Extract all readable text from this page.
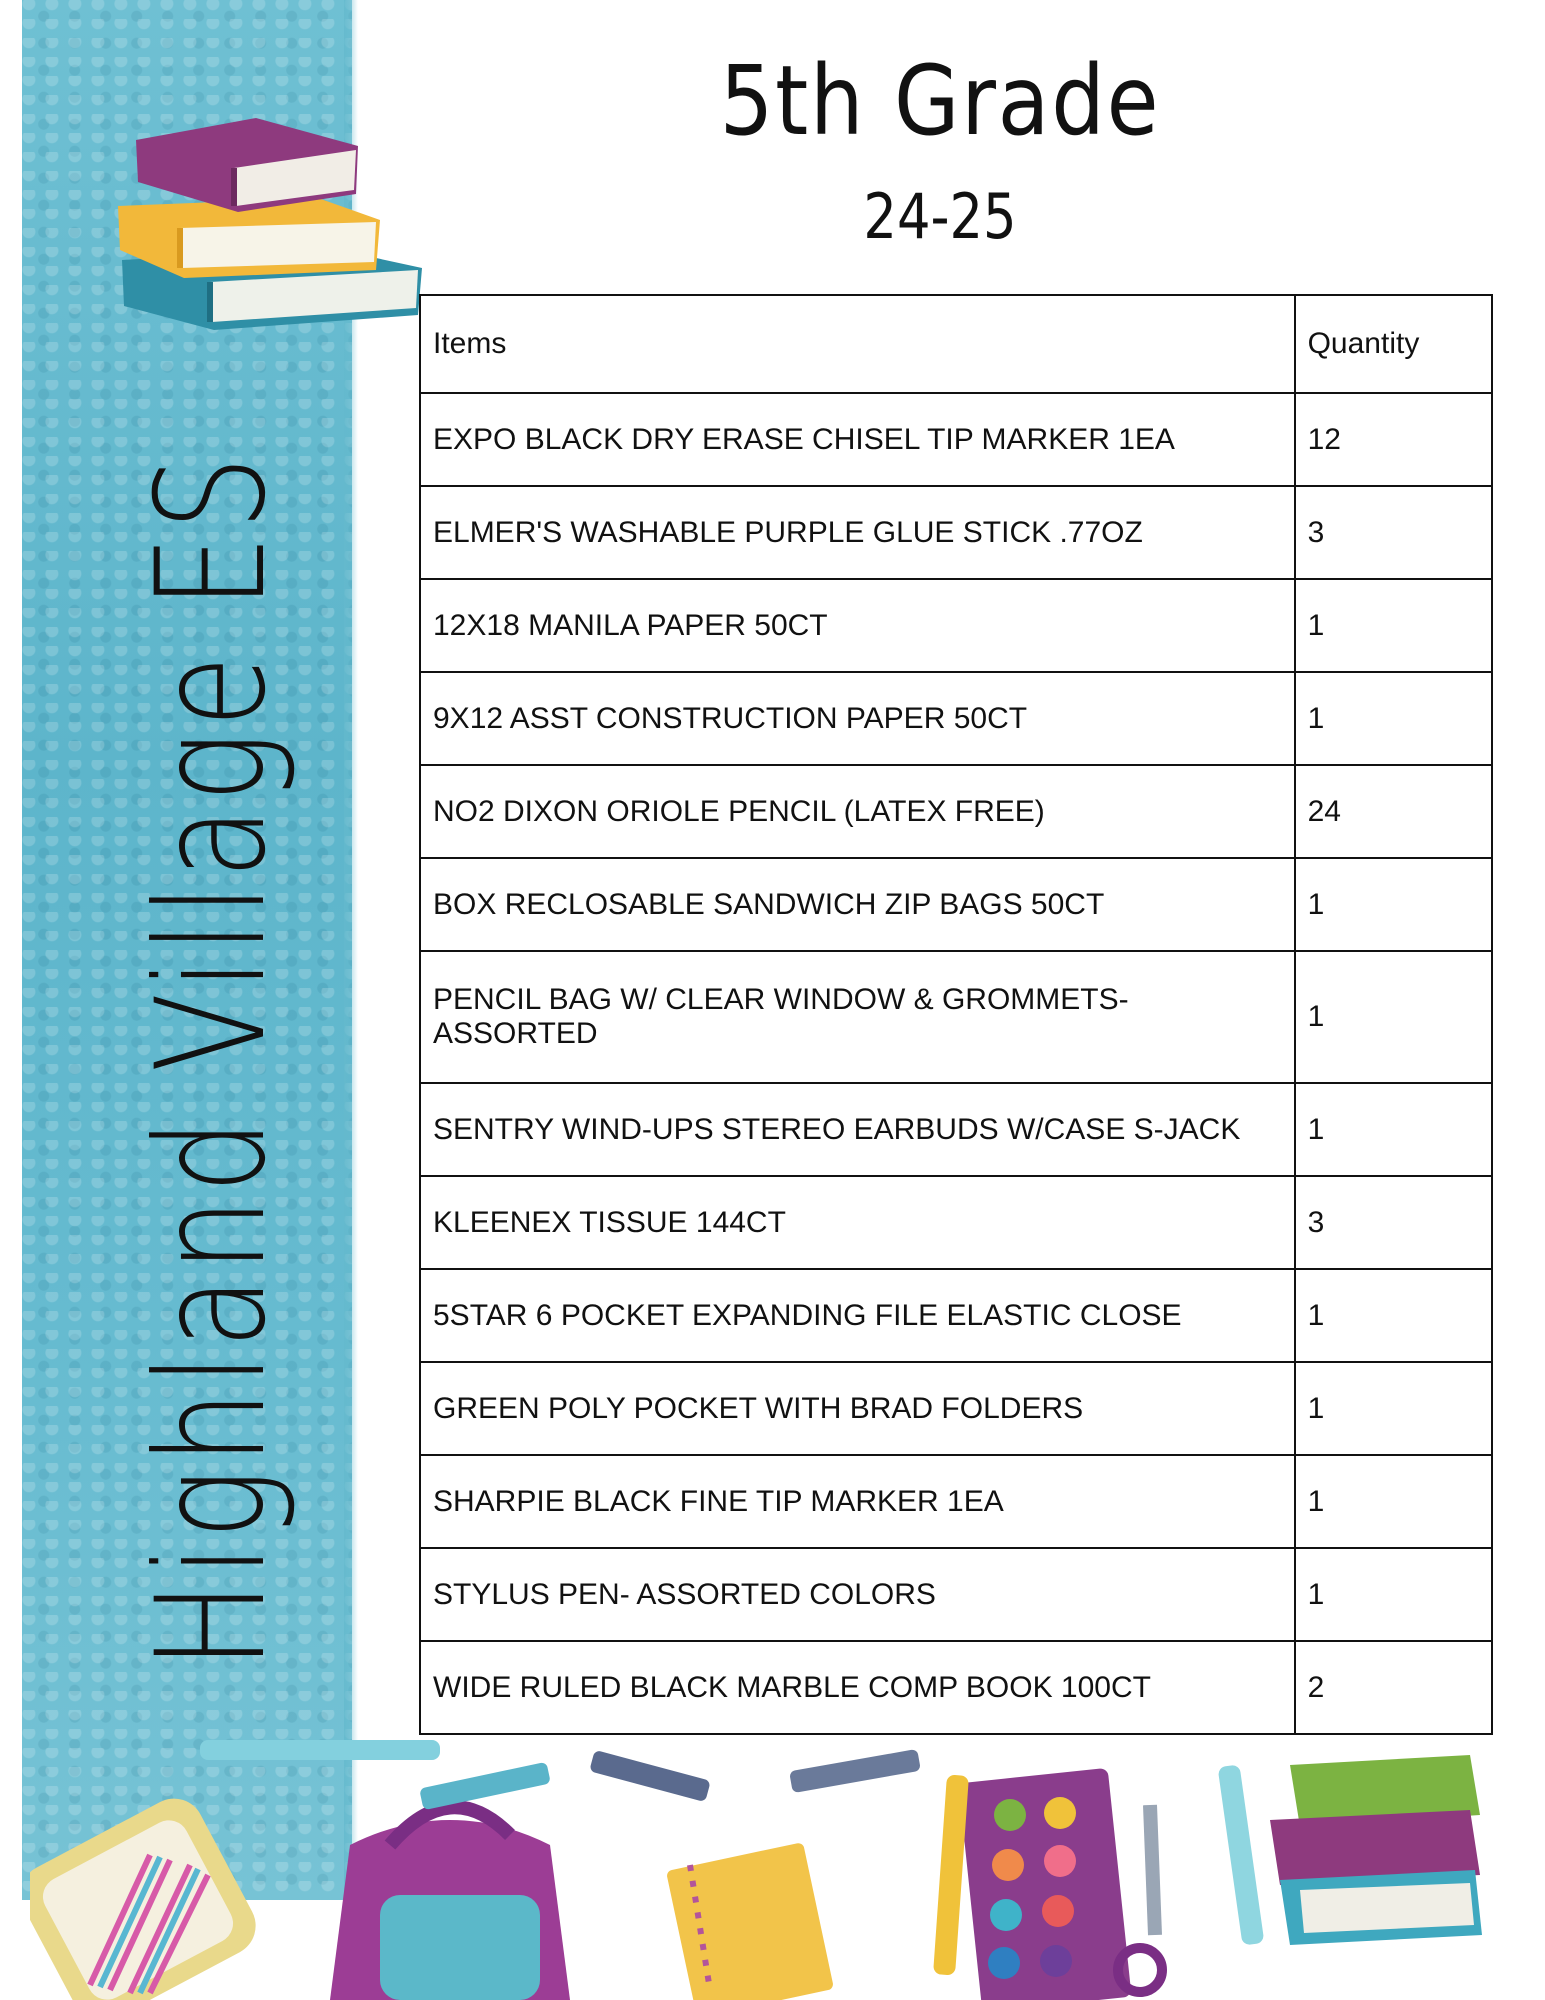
Highland Village ES
5th Grade
24-25
Items	Quantity
EXPO BLACK DRY ERASE CHISEL TIP MARKER 1EA	12
ELMER'S WASHABLE PURPLE GLUE STICK .77OZ	3
12X18 MANILA PAPER 50CT	1
9X12 ASST CONSTRUCTION PAPER 50CT	1
NO2 DIXON ORIOLE PENCIL (LATEX FREE)	24
BOX RECLOSABLE SANDWICH ZIP BAGS 50CT	1
PENCIL BAG W/ CLEAR WINDOW & GROMMETS-ASSORTED	1
SENTRY WIND-UPS STEREO EARBUDS W/CASE S-JACK	1
KLEENEX TISSUE 144CT	3
5STAR 6 POCKET EXPANDING FILE ELASTIC CLOSE	1
GREEN POLY POCKET WITH BRAD FOLDERS	1
SHARPIE BLACK FINE TIP MARKER 1EA	1
STYLUS PEN- ASSORTED COLORS	1
WIDE RULED BLACK MARBLE COMP BOOK 100CT	2
